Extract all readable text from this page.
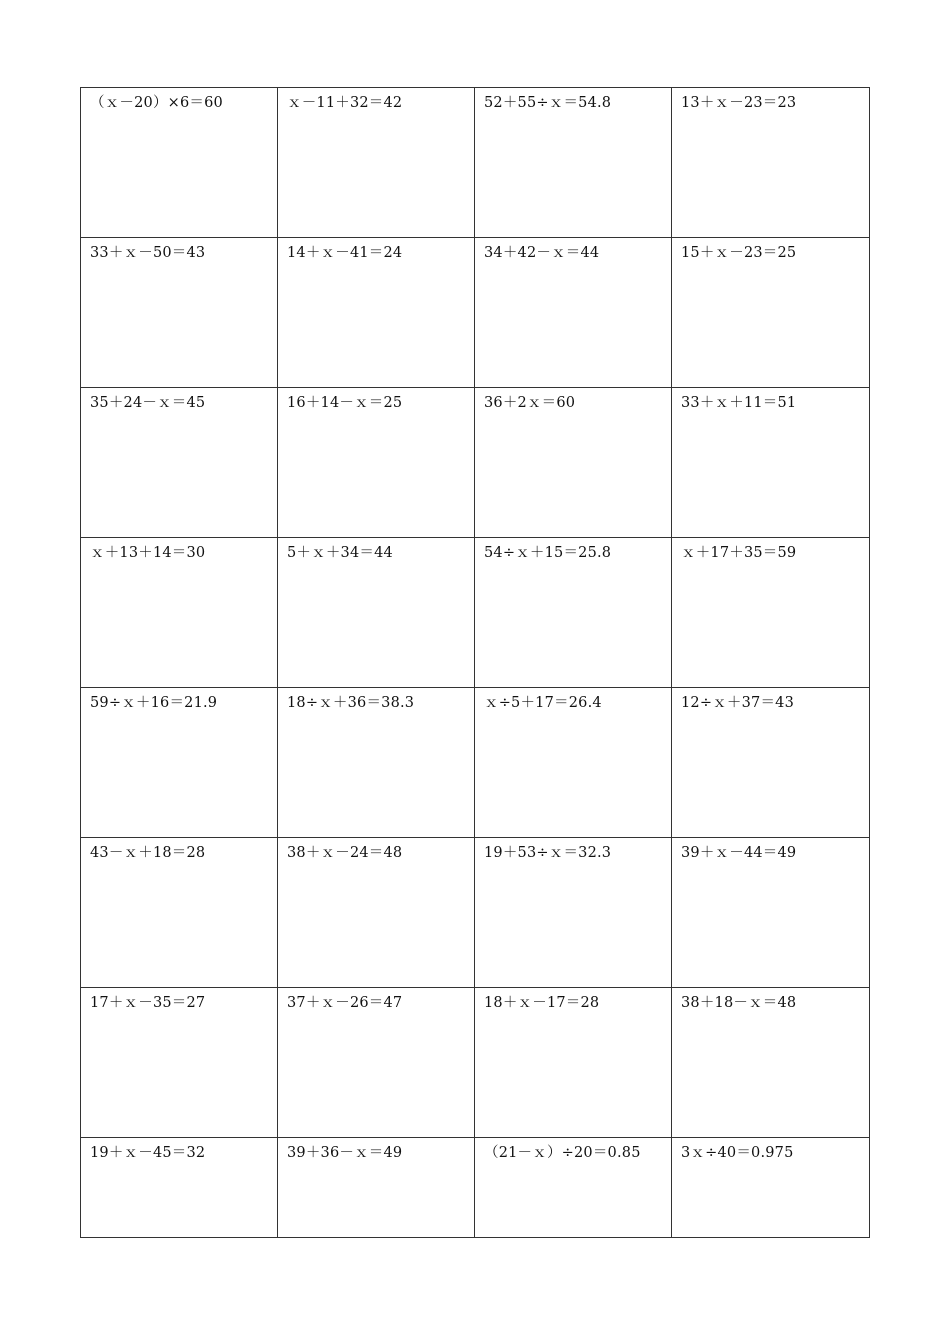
（ｘ－20）×6＝60	ｘ－11＋32＝42	52＋55÷ｘ＝54.8	13＋ｘ－23＝23
33＋ｘ－50＝43	14＋ｘ－41＝24	34＋42－ｘ＝44	15＋ｘ－23＝25
35＋24－ｘ＝45	16＋14－ｘ＝25	36＋2ｘ＝60	33＋ｘ＋11＝51
ｘ＋13＋14＝30	5＋ｘ＋34＝44	54÷ｘ＋15＝25.8	ｘ＋17＋35＝59
59÷ｘ＋16＝21.9	18÷ｘ＋36＝38.3	ｘ÷5＋17＝26.4	12÷ｘ＋37＝43
43－ｘ＋18＝28	38＋ｘ－24＝48	19＋53÷ｘ＝32.3	39＋ｘ－44＝49
17＋ｘ－35＝27	37＋ｘ－26＝47	18＋ｘ－17＝28	38＋18－ｘ＝48
19＋ｘ－45＝32	39＋36－ｘ＝49	（21－ｘ）÷20＝0.85	3ｘ÷40＝0.975
